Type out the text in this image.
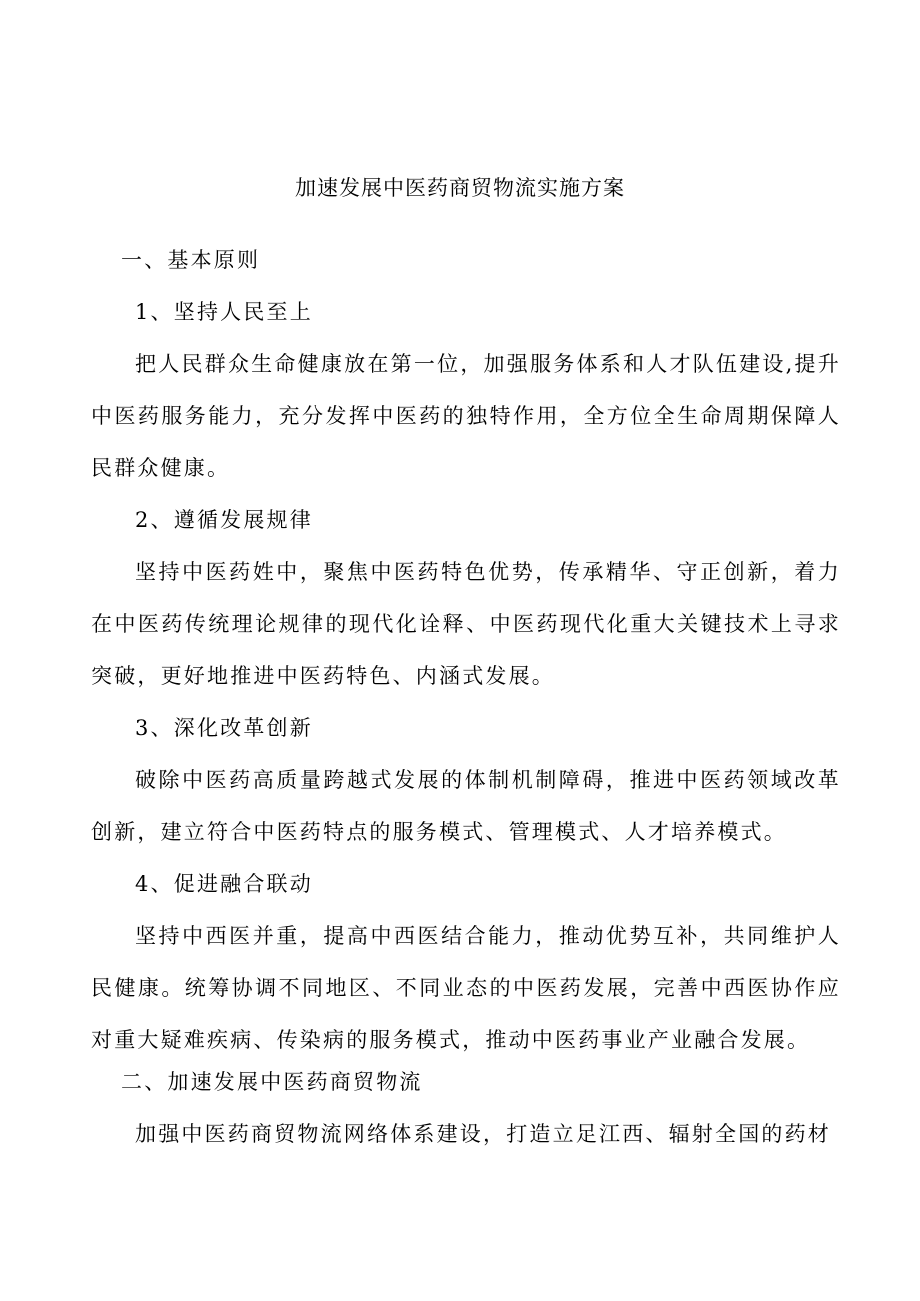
加速发展中医药商贸物流实施方案

一、基本原则

1、坚持人民至上

把人民群众生命健康放在第一位，加强服务体系和人才队伍建设,提升中医药服务能力，充分发挥中医药的独特作用，全方位全生命周期保障人民群众健康。

2、遵循发展规律

坚持中医药姓中，聚焦中医药特色优势，传承精华、守正创新，着力在中医药传统理论规律的现代化诠释、中医药现代化重大关键技术上寻求突破，更好地推进中医药特色、内涵式发展。

3、深化改革创新

破除中医药高质量跨越式发展的体制机制障碍，推进中医药领域改革创新，建立符合中医药特点的服务模式、管理模式、人才培养模式。

4、促进融合联动

坚持中西医并重，提高中西医结合能力，推动优势互补，共同维护人民健康。统筹协调不同地区、不同业态的中医药发展，完善中西医协作应对重大疑难疾病、传染病的服务模式，推动中医药事业产业融合发展。

二、加速发展中医药商贸物流

加强中医药商贸物流网络体系建设，打造立足江西、辐射全国的药材
